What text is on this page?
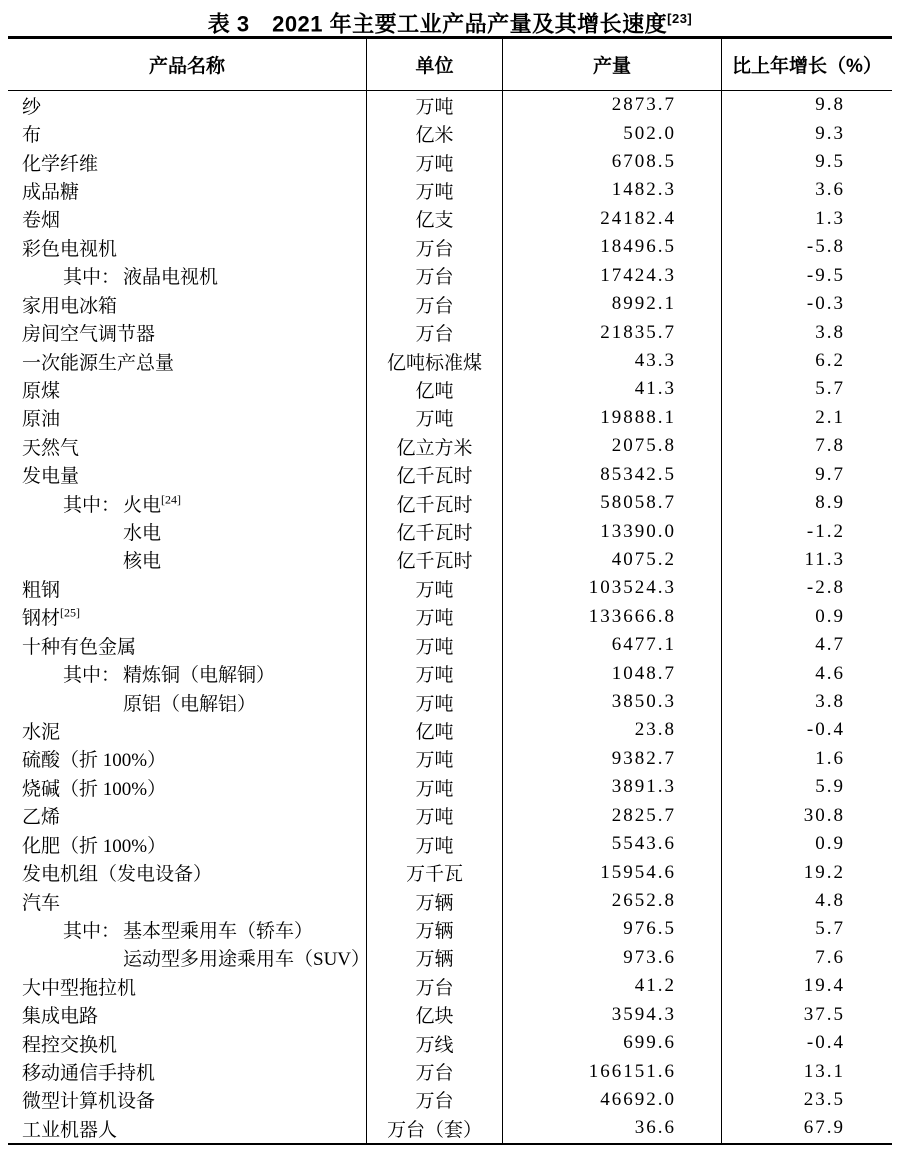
表 3　2021 年主要工业产品产量及其增长速度[23]
产品名称	单位	产量	比上年增长（%）
纱	万吨	2873.7	9.8
布	亿米	502.0	9.3
化学纤维	万吨	6708.5	9.5
成品糖	万吨	1482.3	3.6
卷烟	亿支	24182.4	1.3
彩色电视机	万台	18496.5	-5.8
其中： 液晶电视机	万台	17424.3	-9.5
家用电冰箱	万台	8992.1	-0.3
房间空气调节器	万台	21835.7	3.8
一次能源生产总量	亿吨标准煤	43.3	6.2
原煤	亿吨	41.3	5.7
原油	万吨	19888.1	2.1
天然气	亿立方米	2075.8	7.8
发电量	亿千瓦时	85342.5	9.7
其中： 火电[24]	亿千瓦时	58058.7	8.9
水电	亿千瓦时	13390.0	-1.2
核电	亿千瓦时	4075.2	11.3
粗钢	万吨	103524.3	-2.8
钢材[25]	万吨	133666.8	0.9
十种有色金属	万吨	6477.1	4.7
其中： 精炼铜（电解铜）	万吨	1048.7	4.6
原铝（电解铝）	万吨	3850.3	3.8
水泥	亿吨	23.8	-0.4
硫酸（折 100%）	万吨	9382.7	1.6
烧碱（折 100%）	万吨	3891.3	5.9
乙烯	万吨	2825.7	30.8
化肥（折 100%）	万吨	5543.6	0.9
发电机组（发电设备）	万千瓦	15954.6	19.2
汽车	万辆	2652.8	4.8
其中： 基本型乘用车（轿车）	万辆	976.5	5.7
运动型多用途乘用车（SUV）	万辆	973.6	7.6
大中型拖拉机	万台	41.2	19.4
集成电路	亿块	3594.3	37.5
程控交换机	万线	699.6	-0.4
移动通信手持机	万台	166151.6	13.1
微型计算机设备	万台	46692.0	23.5
工业机器人	万台（套）	36.6	67.9
